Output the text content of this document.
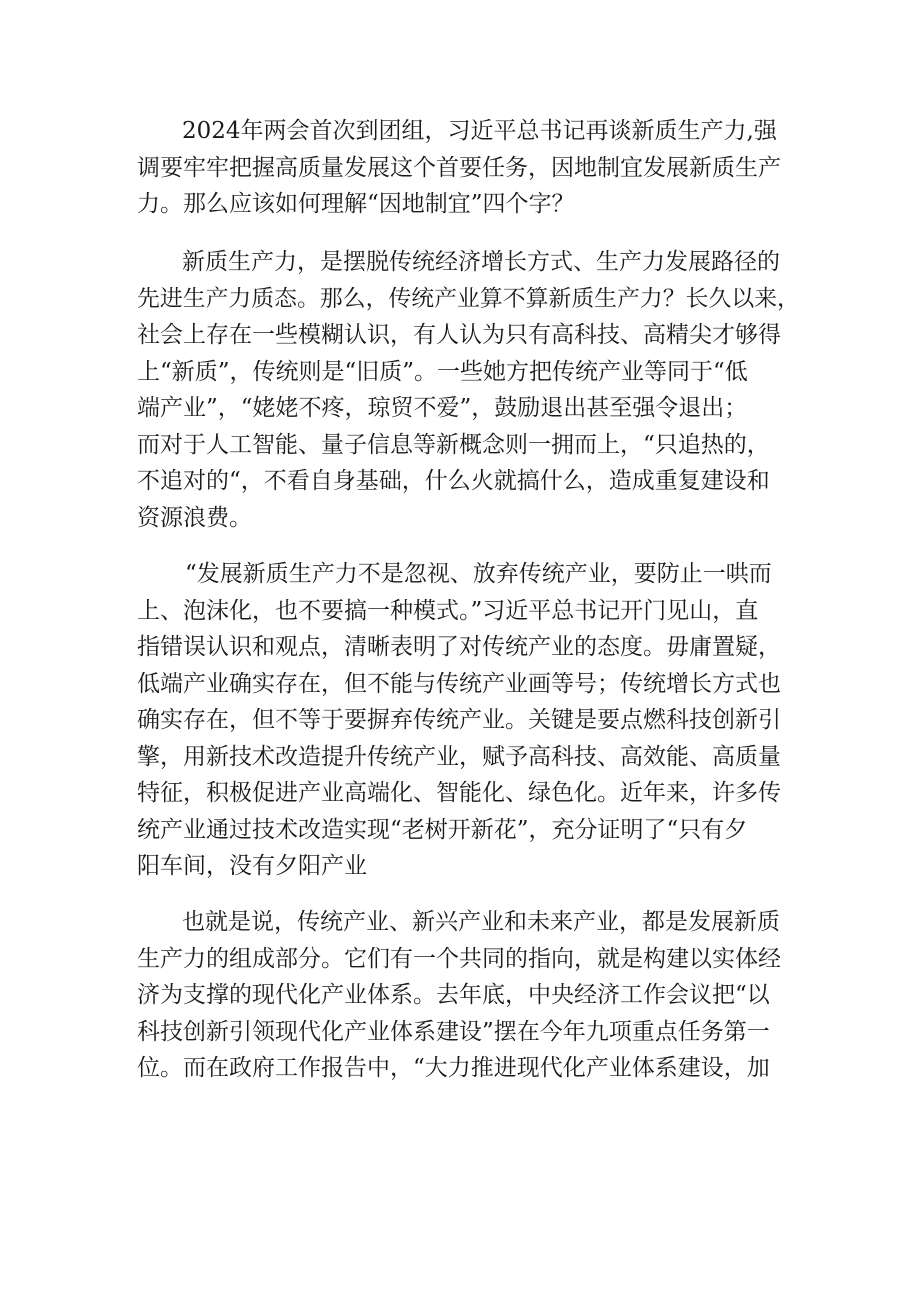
2024年两会首次到团组，习近平总书记再谈新质生产力,强

调要牢牢把握高质量发展这个首要任务，因地制宜发展新质生产

力。那么应该如何理解“因地制宜”四个字？

新质生产力，是摆脱传统经济增长方式、生产力发展路径的

先进生产力质态。那么，传统产业算不算新质生产力？长久以来，

社会上存在一些模糊认识，有人认为只有高科技、高精尖才够得

上“新质”，传统则是“旧质”。一些她方把传统产业等同于“低

端产业”，“姥姥不疼，琼贸不爱”，鼓励退出甚至强令退出；

而对于人工智能、量子信息等新概念则一拥而上，“只追热的，

不追对的“，不看自身基础，什么火就搞什么，造成重复建设和

资源浪费。

“发展新质生产力不是忽视、放弃传统产业，要防止一哄而

上、泡沫化，也不要搞一种模式。”习近平总书记开门见山，直

指错误认识和观点，清晰表明了对传统产业的态度。毋庸置疑，

低端产业确实存在，但不能与传统产业画等号；传统增长方式也

确实存在，但不等于要摒弃传统产业。关键是要点燃科技创新引

擎，用新技术改造提升传统产业，赋予高科技、高效能、高质量

特征，积极促进产业高端化、智能化、绿色化。近年来，许多传

统产业通过技术改造实现“老树开新花”，充分证明了“只有夕

阳车间，没有夕阳产业

也就是说，传统产业、新兴产业和未来产业，都是发展新质

生产力的组成部分。它们有一个共同的指向，就是构建以实体经

济为支撑的现代化产业体系。去年底，中央经济工作会议把“以

科技创新引领现代化产业体系建设”摆在今年九项重点任务第一

位。而在政府工作报告中，“大力推进现代化产业体系建设，加
